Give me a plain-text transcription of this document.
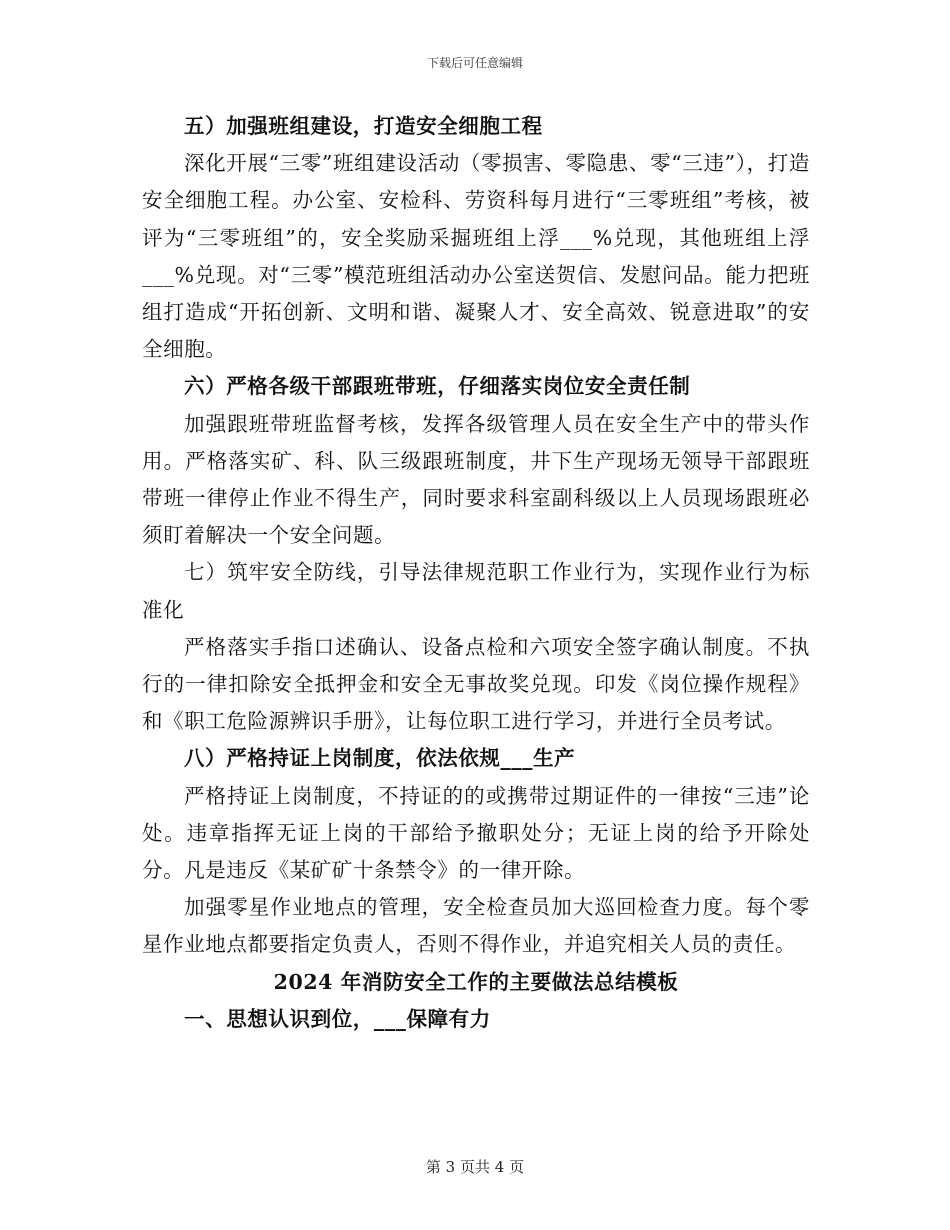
下载后可任意编辑

五）加强班组建设，打造安全细胞工程

深化开展“三零”班组建设活动（零损害、零隐患、零“三违”），打造安全细胞工程。办公室、安检科、劳资科每月进行“三零班组”考核，被评为“三零班组”的，安全奖励采掘班组上浮___%兑现，其他班组上浮___%兑现。对“三零”模范班组活动办公室送贺信、发慰问品。能力把班组打造成“开拓创新、文明和谐、凝聚人才、安全高效、锐意进取”的安全细胞。

六）严格各级干部跟班带班，仔细落实岗位安全责任制

加强跟班带班监督考核，发挥各级管理人员在安全生产中的带头作用。严格落实矿、科、队三级跟班制度，井下生产现场无领导干部跟班带班一律停止作业不得生产，同时要求科室副科级以上人员现场跟班必须盯着解决一个安全问题。

七）筑牢安全防线，引导法律规范职工作业行为，实现作业行为标准化

严格落实手指口述确认、设备点检和六项安全签字确认制度。不执行的一律扣除安全抵押金和安全无事故奖兑现。印发《岗位操作规程》和《职工危险源辨识手册》，让每位职工进行学习，并进行全员考试。

八）严格持证上岗制度，依法依规___生产

严格持证上岗制度，不持证的的或携带过期证件的一律按“三违”论处。违章指挥无证上岗的干部给予撤职处分；无证上岗的给予开除处分。凡是违反《某矿矿十条禁令》的一律开除。

加强零星作业地点的管理，安全检查员加大巡回检查力度。每个零星作业地点都要指定负责人，否则不得作业，并追究相关人员的责任。

2024 年消防安全工作的主要做法总结模板

一、思想认识到位，___保障有力

第 3 页共 4 页
